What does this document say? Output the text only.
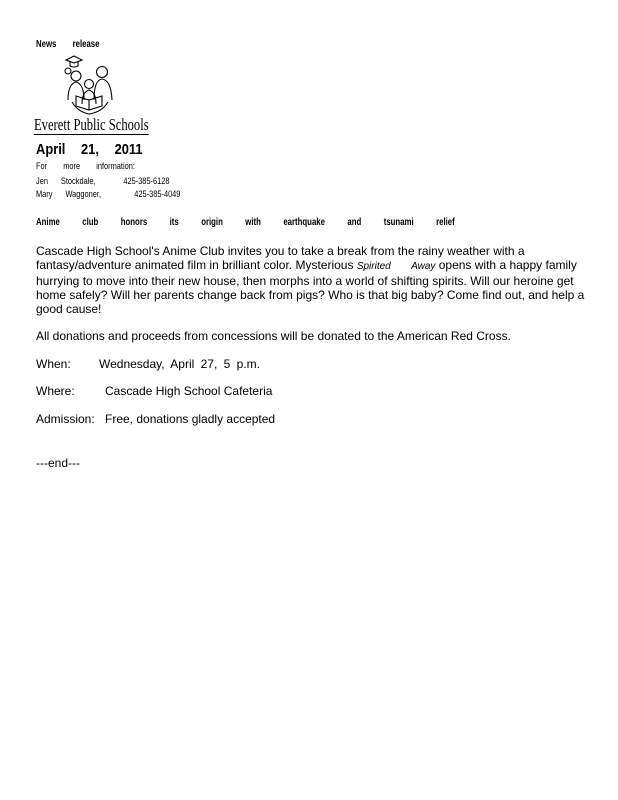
News release
Everett Public Schools
April 21, 2011
For more information:
Jen Stockdale,	425-385-6128
Mary Waggoner,	425-385-4049
Anime club honors its origin with earthquake and tsunami relief
Cascade High School's Anime Club invites you to take a break from the rainy weather with a fantasy/adventure animated film in brilliant color. Mysterious Spirited Away opens with a happy family hurrying to move into their new house, then morphs into a world of shifting spirits. Will our heroine get home safely? Will her parents change back from pigs? Who is that big baby? Come find out, and help a good cause!
All donations and proceeds from concessions will be donated to the American Red Cross.
When: Wednesday, April 27, 5 p.m.
Where:	Cascade High School Cafeteria
Admission: Free, donations gladly accepted
---end---
